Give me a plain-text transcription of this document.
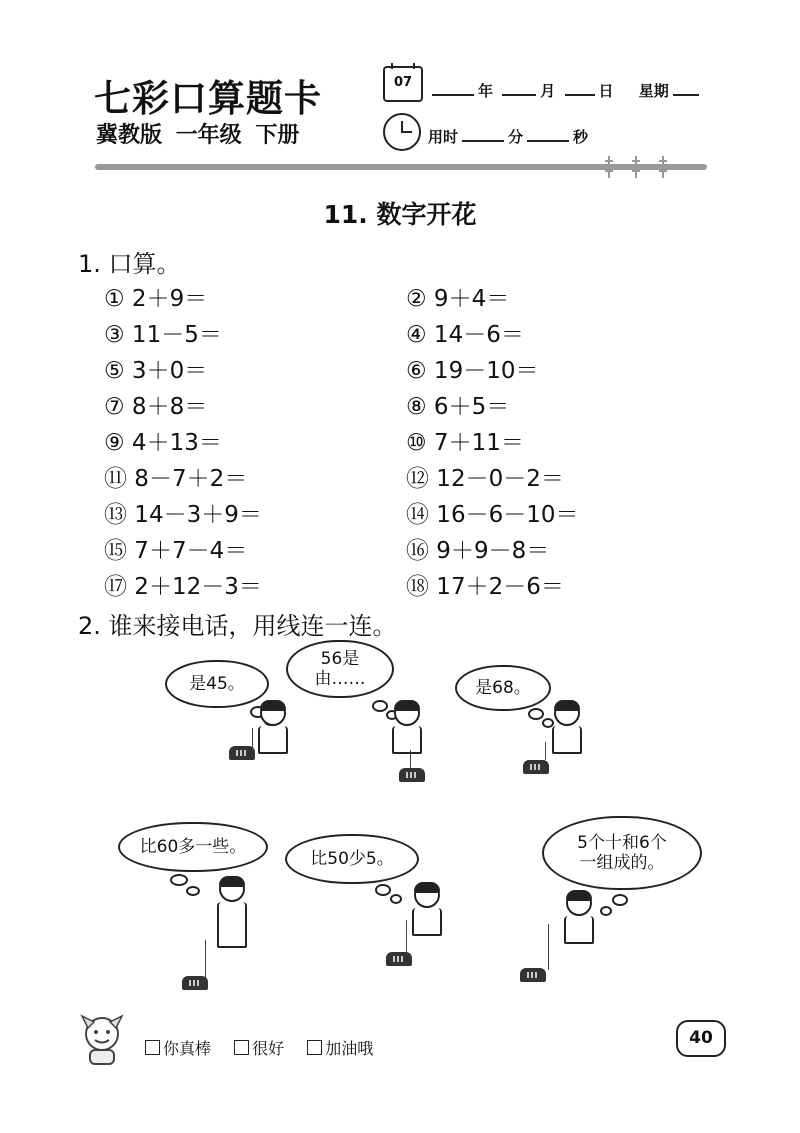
七彩口算题卡
冀教版 一年级 下册
07	年	月	日 星期
用时	分	秒
11. 数字开花
1. 口算。
① 2＋9＝	② 9＋4＝
③ 11－5＝	④ 14－6＝
⑤ 3＋0＝	⑥ 19－10＝
⑦ 8＋8＝	⑧ 6＋5＝
⑨ 4＋13＝	⑩ 7＋11＝
⑪ 8－7＋2＝	⑫ 12－0－2＝
⑬ 14－3＋9＝	⑭ 16－6－10＝
⑮ 7＋7－4＝	⑯ 9＋9－8＝
⑰ 2＋12－3＝	⑱ 17＋2－6＝
2. 谁来接电话，用线连一连。
是45。
56是由……	是68。
比60多一些。
比50少5。
5个十和6个一组成的。
你真棒	很好	加油哦
40
